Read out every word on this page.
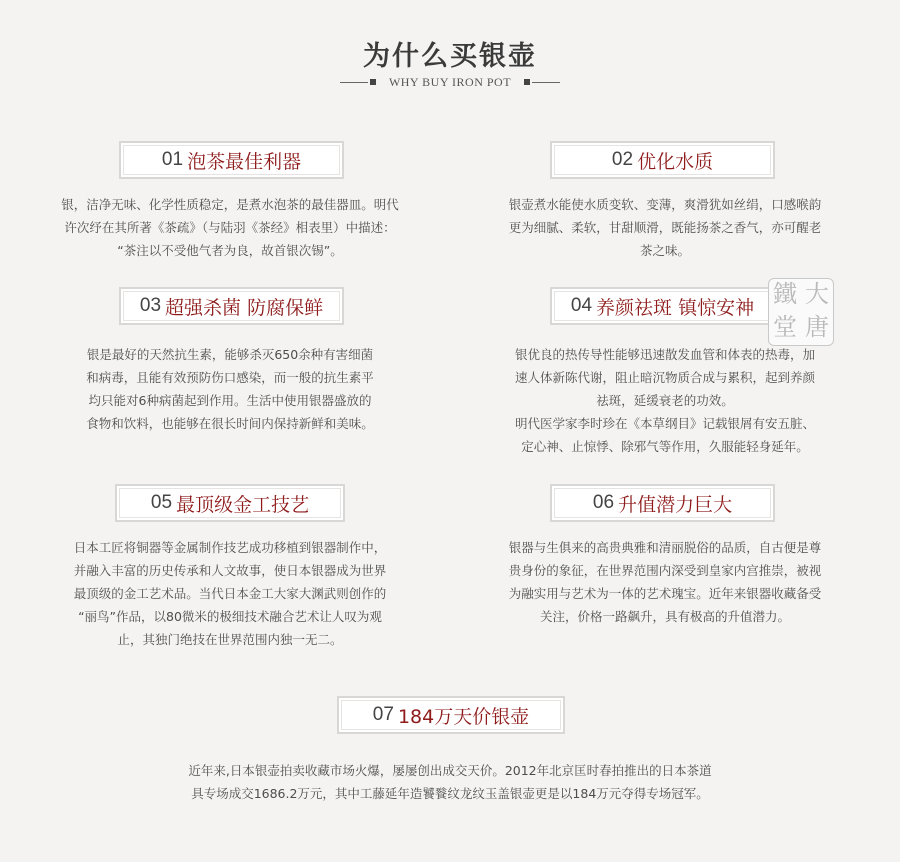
为什么买银壶
WHY BUY IRON POT
01 泡茶最佳利器
银，洁净无味、化学性质稳定，是煮水泡茶的最佳器皿。明代
许次纾在其所著《茶疏》（与陆羽《茶经》相表里）中描述：
“茶注以不受他气者为良，故首银次锡”。
02 优化水质
银壶煮水能使水质变软、变薄，爽滑犹如丝绢，口感喉韵
更为细腻、柔软，甘甜顺滑，既能扬茶之香气，亦可醒老
茶之味。
03 超强杀菌 防腐保鲜
银是最好的天然抗生素，能够杀灭650余种有害细菌
和病毒，且能有效预防伤口感染，而一般的抗生素平
均只能对6种病菌起到作用。生活中使用银器盛放的
食物和饮料，也能够在很长时间内保持新鲜和美味。
04 养颜祛斑 镇惊安神
银优良的热传导性能够迅速散发血管和体表的热毒，加
速人体新陈代谢，阻止暗沉物质合成与累积，起到养颜
祛斑，延缓衰老的功效。
明代医学家李时珍在《本草纲目》记载银屑有安五脏、
定心神、止惊悸、除邪气等作用，久服能轻身延年。
鐵 大
堂 唐
05 最顶级金工技艺
日本工匠将铜器等金属制作技艺成功移植到银器制作中，
并融入丰富的历史传承和人文故事，使日本银器成为世界
最顶级的金工艺术品。当代日本金工大家大渊武则创作的
“丽鸟”作品，以80微米的极细技术融合艺术让人叹为观
止，其独门绝技在世界范围内独一无二。
06 升值潜力巨大
银器与生俱来的高贵典雅和清丽脱俗的品质，自古便是尊
贵身份的象征，在世界范围内深受到皇家内宫推崇，被视
为融实用与艺术为一体的艺术瑰宝。近年来银器收藏备受
关注，价格一路飙升，具有极高的升值潜力。
07 184万天价银壶
近年来,日本银壶拍卖收藏市场火爆，屡屡创出成交天价。2012年北京匡时春拍推出的日本茶道
具专场成交1686.2万元，其中工藤延年造饕餮纹龙纹玉盖银壶更是以184万元夺得专场冠军。
